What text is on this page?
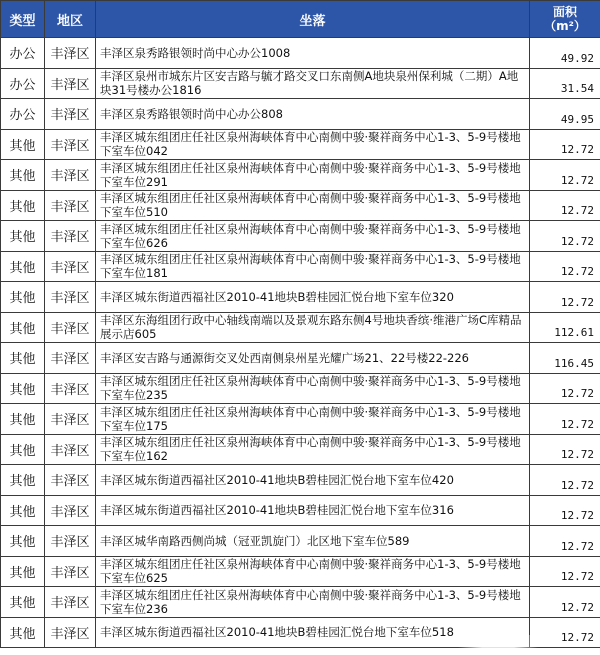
类型	地区	坐落	面积
（m²）
办公	丰泽区	丰泽区泉秀路银领时尚中心办公1008	49.92
办公	丰泽区	丰泽区泉州市城东片区安吉路与毓才路交叉口东南侧A地块泉州保利城（二期）A地块31号楼办公1816	31.54
办公	丰泽区	丰泽区泉秀路银领时尚中心办公808	49.95
其他	丰泽区	丰泽区城东组团庄任社区泉州海峡体育中心南侧中骏·聚祥商务中心1-3、5-9号楼地下室车位042	12.72
其他	丰泽区	丰泽区城东组团庄任社区泉州海峡体育中心南侧中骏·聚祥商务中心1-3、5-9号楼地下室车位291	12.72
其他	丰泽区	丰泽区城东组团庄任社区泉州海峡体育中心南侧中骏·聚祥商务中心1-3、5-9号楼地下室车位510	12.72
其他	丰泽区	丰泽区城东组团庄任社区泉州海峡体育中心南侧中骏·聚祥商务中心1-3、5-9号楼地下室车位626	12.72
其他	丰泽区	丰泽区城东组团庄任社区泉州海峡体育中心南侧中骏·聚祥商务中心1-3、5-9号楼地下室车位181	12.72
其他	丰泽区	丰泽区城东街道西福社区2010-41地块B碧桂园汇悦台地下室车位320	12.72
其他	丰泽区	丰泽区东海组团行政中心轴线南端以及景观东路东侧4号地块香缤·维港广场C库精品展示店605	112.61
其他	丰泽区	丰泽区安吉路与通源街交叉处西南侧泉州星光耀广场21、22号楼22-226	116.45
其他	丰泽区	丰泽区城东组团庄任社区泉州海峡体育中心南侧中骏·聚祥商务中心1-3、5-9号楼地下室车位235	12.72
其他	丰泽区	丰泽区城东组团庄任社区泉州海峡体育中心南侧中骏·聚祥商务中心1-3、5-9号楼地下室车位175	12.72
其他	丰泽区	丰泽区城东组团庄任社区泉州海峡体育中心南侧中骏·聚祥商务中心1-3、5-9号楼地下室车位162	12.72
其他	丰泽区	丰泽区城东街道西福社区2010-41地块B碧桂园汇悦台地下室车位420	12.72
其他	丰泽区	丰泽区城东街道西福社区2010-41地块B碧桂园汇悦台地下室车位316	12.72
其他	丰泽区	丰泽区城华南路西侧尚城（冠亚凯旋门）北区地下室车位589	12.72
其他	丰泽区	丰泽区城东组团庄任社区泉州海峡体育中心南侧中骏·聚祥商务中心1-3、5-9号楼地下室车位625	12.72
其他	丰泽区	丰泽区城东组团庄任社区泉州海峡体育中心南侧中骏·聚祥商务中心1-3、5-9号楼地下室车位236	12.72
其他	丰泽区	丰泽区城东街道西福社区2010-41地块B碧桂园汇悦台地下室车位518	12.72
